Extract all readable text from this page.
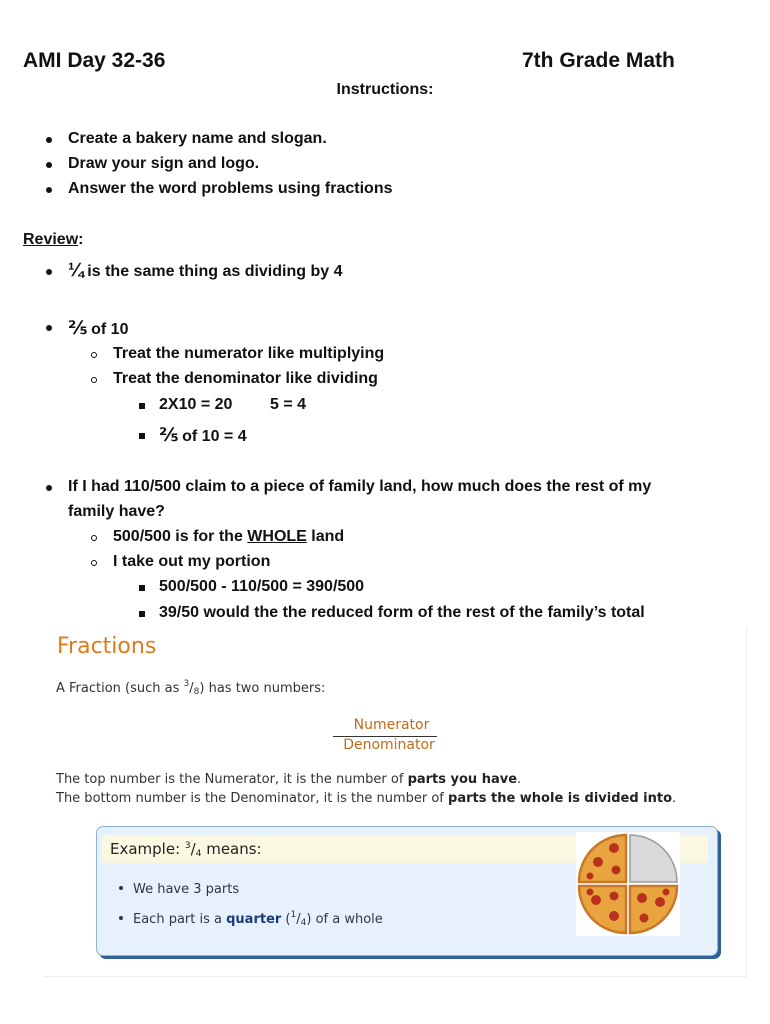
AMI Day 32-36	7th Grade Math
Instructions:
Create a bakery name and slogan.
Draw your sign and logo.
Answer the word problems using fractions
Review:
¼ is the same thing as dividing by 4
⅖ of 10
Treat the numerator like multiplying
Treat the denominator like dividing
2X10 = 20 5 = 4
⅖ of 10 = 4
If I had 110/500 claim to a piece of family land, how much does the rest of my
family have?
500/500 is for the WHOLE land
I take out my portion
500/500 - 110/500 = 390/500
39/50 would the the reduced form of the rest of the family’s total
Fractions
A Fraction (such as $^3/_8$) has two numbers:
Numerator
Denominator
The top number is the Numerator, it is the number of parts you have.
The bottom number is the Denominator, it is the number of parts the whole is divided into.
Example: $^3/_4$ means:
We have 3 parts
Each part is a quarter $(^1/_4)$ of a whole
